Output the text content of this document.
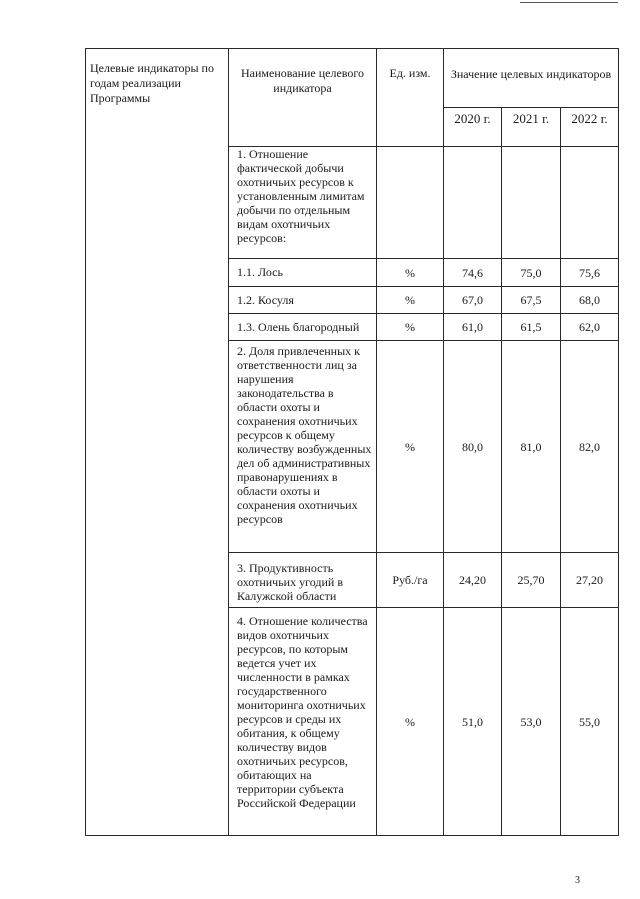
Целевые индикаторы по годам реализации Программы	Наименование целевого индикатора	Ед. изм.	Значение целевых индикаторов		
			2020 г.	2021 г.	2022 г.
	1. Отношение фактической добычи охотничьих ресурсов к установленным лимитам добычи по отдельным видам охотничьих ресурсов:				
	1.1. Лось	%	74,6	75,0	75,6
	1.2. Косуля	%	67,0	67,5	68,0
	1.3. Олень благородный	%	61,0	61,5	62,0
	2. Доля привлеченных к ответственности лиц за нарушения законодательства в области охоты и сохранения охотничьих ресурсов к общему количеству возбужденных дел об административных правонарушениях в области охоты и сохранения охотничьих ресурсов	%	80,0	81,0	82,0
	3. Продуктивность охотничьих угодий в Калужской области	Руб./га	24,20	25,70	27,20
	4. Отношение количества видов охотничьих ресурсов, по которым ведется учет их численности в рамках государственного мониторинга охотничьих ресурсов и среды их обитания, к общему количеству видов охотничьих ресурсов, обитающих на территории субъекта Российской Федерации	%	51,0	53,0	55,0
3
